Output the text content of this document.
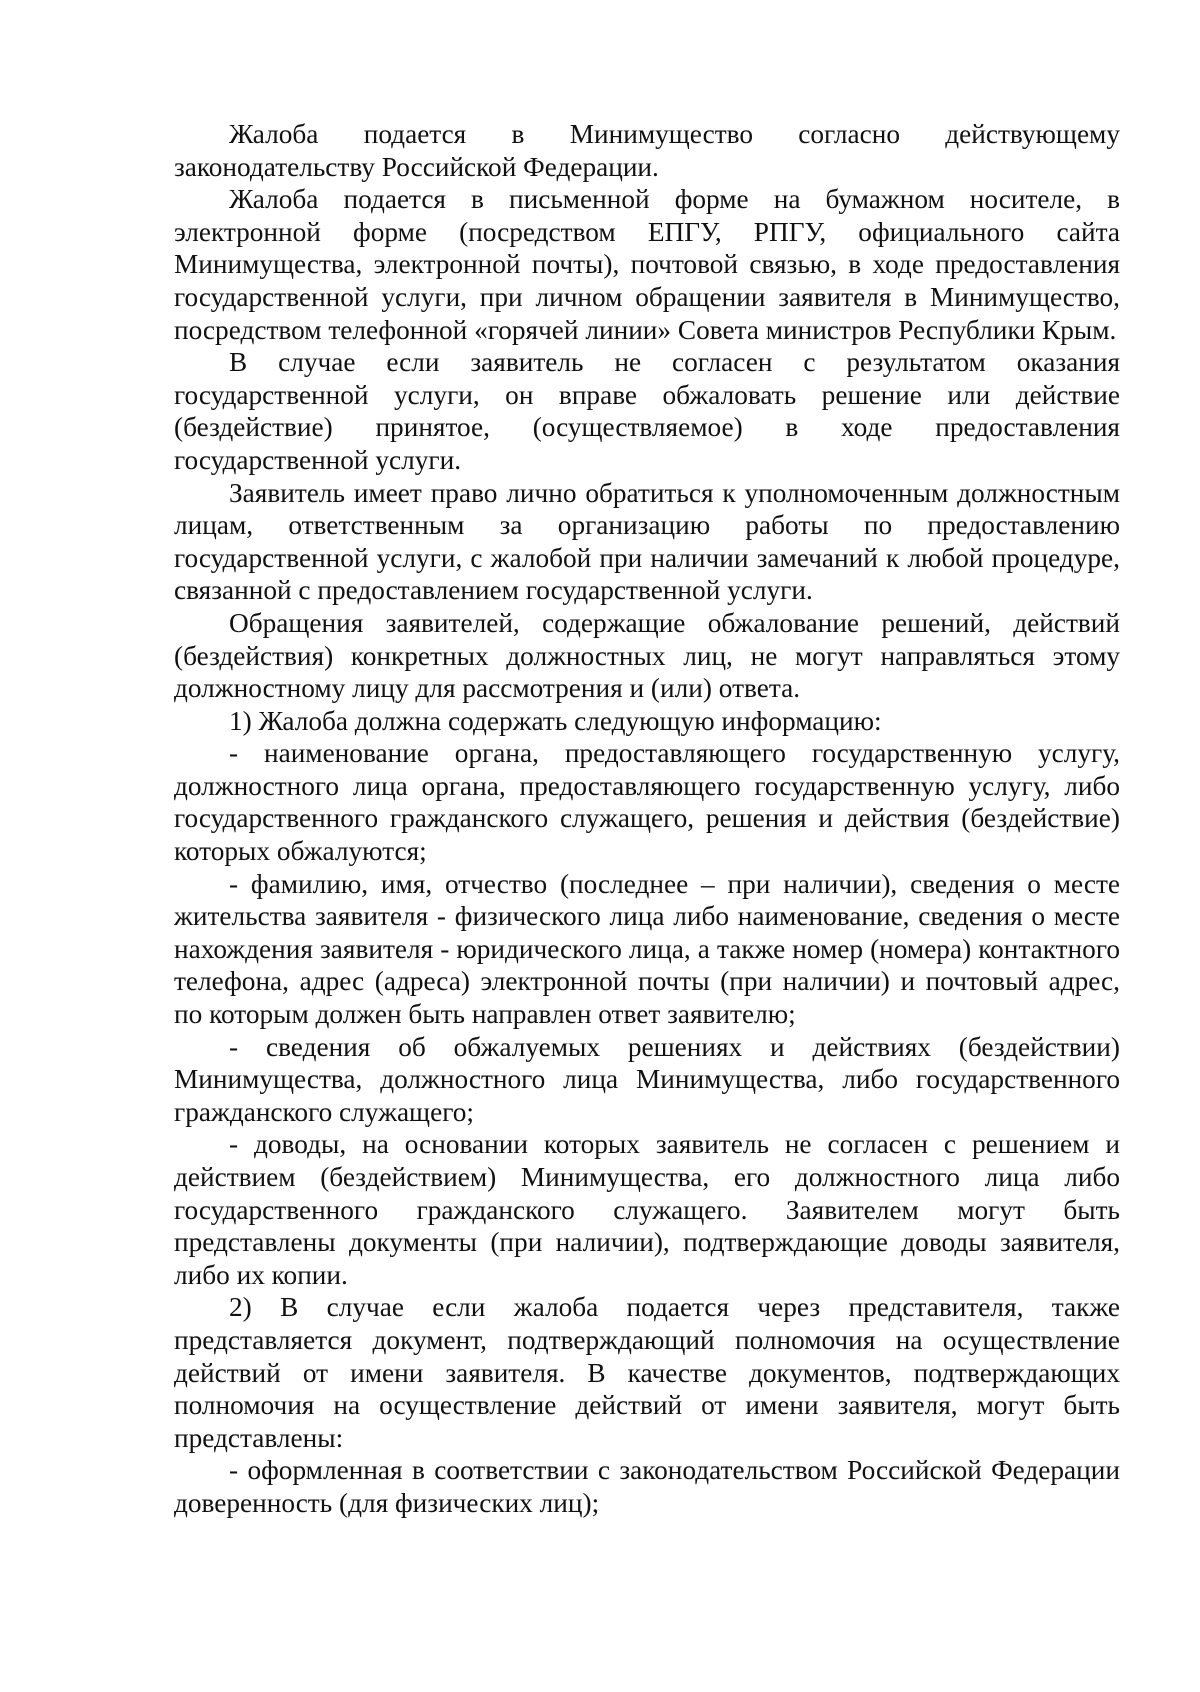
Жалоба подается в Минимущество согласно действующему законодательству Российской Федерации.

Жалоба подается в письменной форме на бумажном носителе, в электронной форме (посредством ЕПГУ, РПГУ, официального сайта Минимущества, электронной почты), почтовой связью, в ходе предоставления государственной услуги, при личном обращении заявителя в Минимущество, посредством телефонной «горячей линии» Совета министров Республики Крым.

В случае если заявитель не согласен с результатом оказания государственной услуги, он вправе обжаловать решение или действие (бездействие) принятое, (осуществляемое) в ходе предоставления государственной услуги.

Заявитель имеет право лично обратиться к уполномоченным должностным лицам, ответственным за организацию работы по предоставлению государственной услуги, с жалобой при наличии замечаний к любой процедуре, связанной с предоставлением государственной услуги.

Обращения заявителей, содержащие обжалование решений, действий (бездействия) конкретных должностных лиц, не могут направляться этому должностному лицу для рассмотрения и (или) ответа.

1) Жалоба должна содержать следующую информацию:

- наименование органа, предоставляющего государственную услугу, должностного лица органа, предоставляющего государственную услугу, либо государственного гражданского служащего, решения и действия (бездействие) которых обжалуются;

- фамилию, имя, отчество (последнее – при наличии), сведения о месте жительства заявителя - физического лица либо наименование, сведения о месте нахождения заявителя - юридического лица, а также номер (номера) контактного телефона, адрес (адреса) электронной почты (при наличии) и почтовый адрес, по которым должен быть направлен ответ заявителю;

- сведения об обжалуемых решениях и действиях (бездействии) Минимущества, должностного лица Минимущества, либо государственного гражданского служащего;

- доводы, на основании которых заявитель не согласен с решением и действием (бездействием) Минимущества, его должностного лица либо государственного гражданского служащего. Заявителем могут быть представлены документы (при наличии), подтверждающие доводы заявителя, либо их копии.

2) В случае если жалоба подается через представителя, также представляется документ, подтверждающий полномочия на осуществление действий от имени заявителя. В качестве документов, подтверждающих полномочия на осуществление действий от имени заявителя, могут быть представлены:

- оформленная в соответствии с законодательством Российской Федерации доверенность (для физических лиц);
